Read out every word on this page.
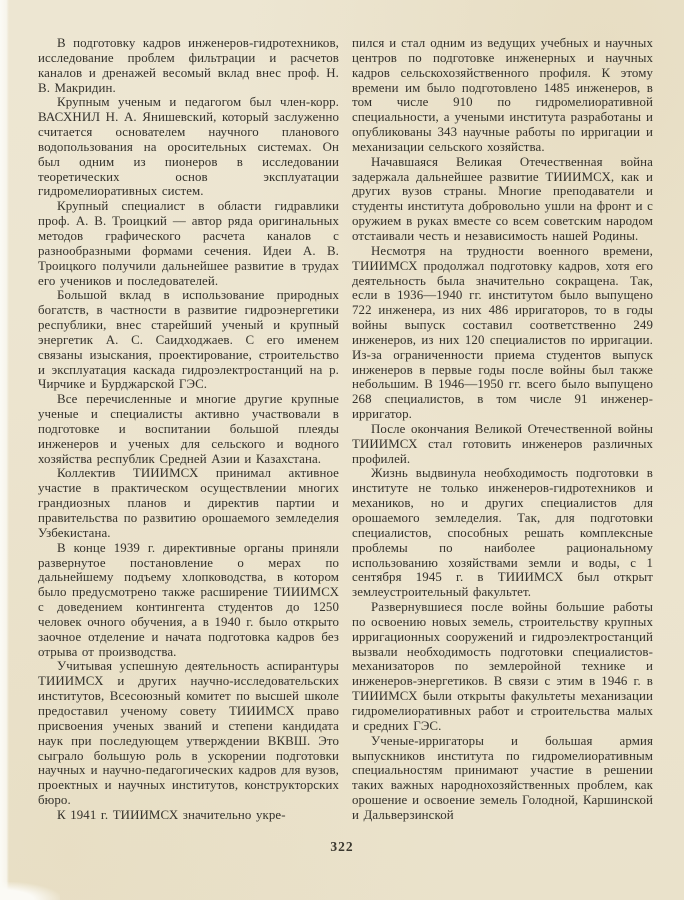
В подготовку кадров инженеров-гидротехников, исследование проблем фильтрации и расчетов каналов и дренажей весомый вклад внес проф. Н. В. Макридин.

Крупным ученым и педагогом был член-корр. ВАСХНИЛ Н. А. Янишевский, который заслуженно считается основателем научного планового водопользования на оросительных системах. Он был одним из пионеров в исследовании теоретических основ эксплуатации гидромелиоративных систем.

Крупный специалист в области гидравлики проф. А. В. Троицкий — автор ряда оригинальных методов графического расчета каналов с разнообразными формами сечения. Идеи А. В. Троицкого получили дальнейшее развитие в трудах его учеников и последователей.

Большой вклад в использование природных богатств, в частности в развитие гидроэнергетики республики, внес старейший ученый и крупный энергетик А. С. Саидходжаев. С его именем связаны изыскания, проектирование, строительство и эксплуатация каскада гидроэлектростанций на р. Чирчике и Бурджарской ГЭС.

Все перечисленные и многие другие крупные ученые и специалисты активно участвовали в подготовке и воспитании большой плеяды инженеров и ученых для сельского и водного хозяйства республик Средней Азии и Казахстана.

Коллектив ТИИИМСХ принимал активное участие в практическом осуществлении многих грандиозных планов и директив партии и правительства по развитию орошаемого земледелия Узбекистана.

В конце 1939 г. директивные органы приняли развернутое постановление о мерах по дальнейшему подъему хлопководства, в котором было предусмотрено также расширение ТИИИМСХ с доведением контингента студентов до 1250 человек очного обучения, а в 1940 г. было открыто заочное отделение и начата подготовка кадров без отрыва от производства.

Учитывая успешную деятельность аспирантуры ТИИИМСХ и других научно-исследовательских институтов, Всесоюзный комитет по высшей школе предоставил ученому совету ТИИИМСХ право присвоения ученых званий и степени кандидата наук при последующем утверждении ВКВШ. Это сыграло большую роль в ускорении подготовки научных и научно-педагогических кадров для вузов, проектных и научных институтов, конструкторских бюро.

К 1941 г. ТИИИМСХ значительно укре-

пился и стал одним из ведущих учебных и научных центров по подготовке инженерных и научных кадров сельскохозяйственного профиля. К этому времени им было подготовлено 1485 инженеров, в том числе 910 по гидромелиоративной специальности, а учеными института разработаны и опубликованы 343 научные работы по ирригации и механизации сельского хозяйства.

Начавшаяся Великая Отечественная война задержала дальнейшее развитие ТИИИМСХ, как и других вузов страны. Многие преподаватели и студенты института добровольно ушли на фронт и с оружием в руках вместе со всем советским народом отстаивали честь и независимость нашей Родины.

Несмотря на трудности военного времени, ТИИИМСХ продолжал подготовку кадров, хотя его деятельность была значительно сокращена. Так, если в 1936—1940 гг. институтом было выпущено 722 инженера, из них 486 ирригаторов, то в годы войны выпуск составил соответственно 249 инженеров, из них 120 специалистов по ирригации. Из-за ограниченности приема студентов выпуск инженеров в первые годы после войны был также небольшим. В 1946—1950 гг. всего было выпущено 268 специалистов, в том числе 91 инженер-ирригатор.

После окончания Великой Отечественной войны ТИИИМСХ стал готовить инженеров различных профилей.

Жизнь выдвинула необходимость подготовки в институте не только инженеров-гидротехников и механиков, но и других специалистов для орошаемого земледелия. Так, для подготовки специалистов, способных решать комплексные проблемы по наиболее рациональному использованию хозяйствами земли и воды, с 1 сентября 1945 г. в ТИИИМСХ был открыт землеустроительный факультет.

Развернувшиеся после войны большие работы по освоению новых земель, строительству крупных ирригационных сооружений и гидроэлектростанций вызвали необходимость подготовки специалистов-механизаторов по землеройной технике и инженеров-энергетиков. В связи с этим в 1946 г. в ТИИИМСХ были открыты факультеты механизации гидромелиоративных работ и строительства малых и средних ГЭС.

Ученые-ирригаторы и большая армия выпускников института по гидромелиоративным специальностям принимают участие в решении таких важных народнохозяйственных проблем, как орошение и освоение земель Голодной, Каршинской и Дальверзинской

322
